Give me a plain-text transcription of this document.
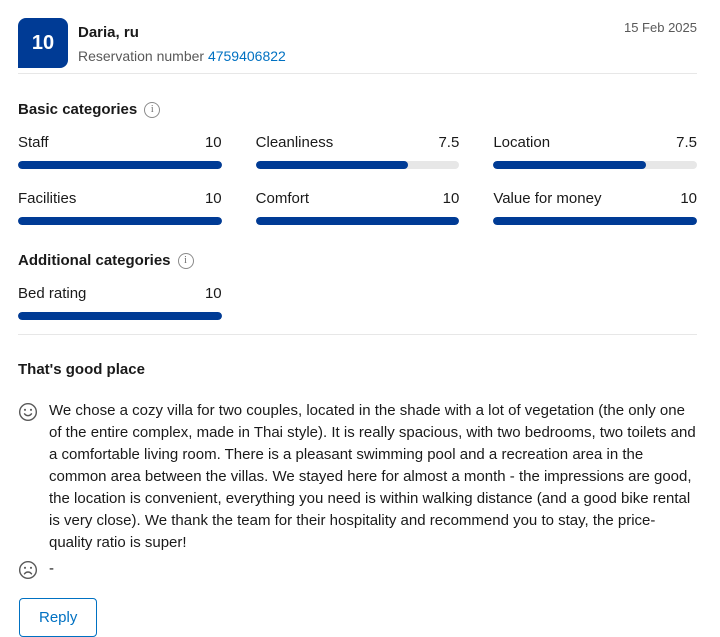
10	Daria, ru
Reservation number 4759406822
15 Feb 2025
Basic categories	i
Staff	10 Cleanliness	7.5 Location	7.5
Facilities	10 Comfort	10 Value for money	10
Additional categories	i
Bed rating	10
That's good place
We chose a cozy villa for two couples, located in the shade with a lot of vegetation (the only one of the entire complex, made in Thai style). It is really spacious, with two bedrooms, two toilets and a comfortable living room. There is a pleasant swimming pool and a recreation area in the common area between the villas. We stayed here for almost a month - the impressions are good, the location is convenient, everything you need is within walking distance (and a good bike rental is very close). We thank the team for their hospitality and recommend you to stay, the price-quality ratio is super!
-
Reply
